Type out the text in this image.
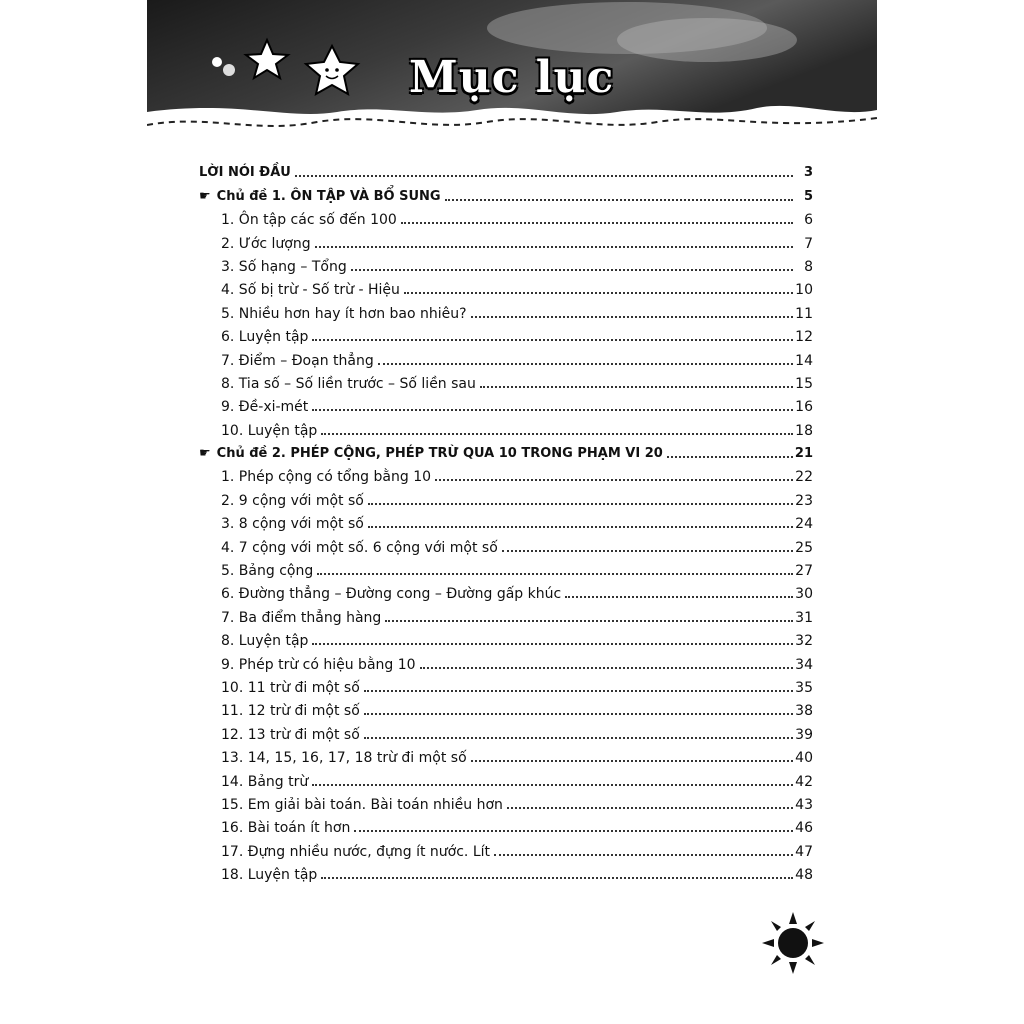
Mục lục
LỜI NÓI ĐẦU	3
☛ Chủ đề 1. ÔN TẬP VÀ BỔ SUNG	5
1. Ôn tập các số đến 100	6
2. Ước lượng	7
3. Số hạng – Tổng	8
4. Số bị trừ - Số trừ - Hiệu	10
5. Nhiều hơn hay ít hơn bao nhiêu?	11
6. Luyện tập	12
7. Điểm – Đoạn thẳng	14
8. Tia số – Số liền trước – Số liền sau	15
9. Đề-xi-mét	16
10. Luyện tập	18
☛ Chủ đề 2. PHÉP CỘNG, PHÉP TRỪ QUA 10 TRONG PHẠM VI 20	21
1. Phép cộng có tổng bằng 10	22
2. 9 cộng với một số	23
3. 8 cộng với một số	24
4. 7 cộng với một số. 6 cộng với một số	25
5. Bảng cộng	27
6. Đường thẳng – Đường cong – Đường gấp khúc	30
7. Ba điểm thẳng hàng	31
8. Luyện tập	32
9. Phép trừ có hiệu bằng 10	34
10. 11 trừ đi một số	35
11. 12 trừ đi một số	38
12. 13 trừ đi một số	39
13. 14, 15, 16, 17, 18 trừ đi một số	40
14. Bảng trừ	42
15. Em giải bài toán. Bài toán nhiều hơn	43
16. Bài toán ít hơn	46
17. Đựng nhiều nước, đựng ít nước. Lít	47
18. Luyện tập	48
